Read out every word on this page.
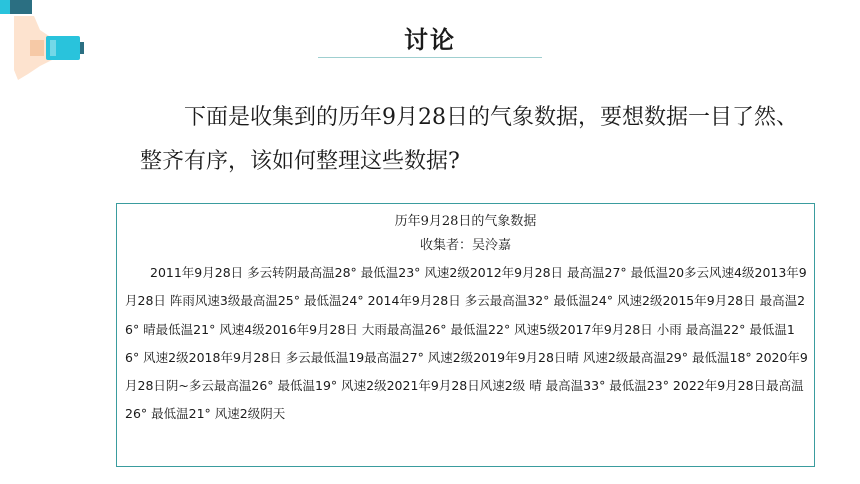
讨论
下面是收集到的历年9月28日的气象数据，要想数据一目了然、整齐有序，该如何整理这些数据?
历年9月28日的气象数据
收集者：吴泠嘉
2011年9月28日 多云转阴最高温28° 最低温23° 风速2级2012年9月28日 最高温27° 最低温20多云风速4级2013年9月28日 阵雨风速3级最高温25° 最低温24° 2014年9月28日 多云最高温32° 最低温24° 风速2级2015年9月28日 最高温26° 晴最低温21° 风速4级2016年9月28日 大雨最高温26° 最低温22° 风速5级2017年9月28日 小雨 最高温22° 最低温16° 风速2级2018年9月28日 多云最低温19最高温27° 风速2级2019年9月28日晴 风速2级最高温29° 最低温18° 2020年9月28日阴~多云最高温26° 最低温19° 风速2级2021年9月28日风速2级 晴 最高温33° 最低温23° 2022年9月28日最高温26° 最低温21° 风速2级阴天
